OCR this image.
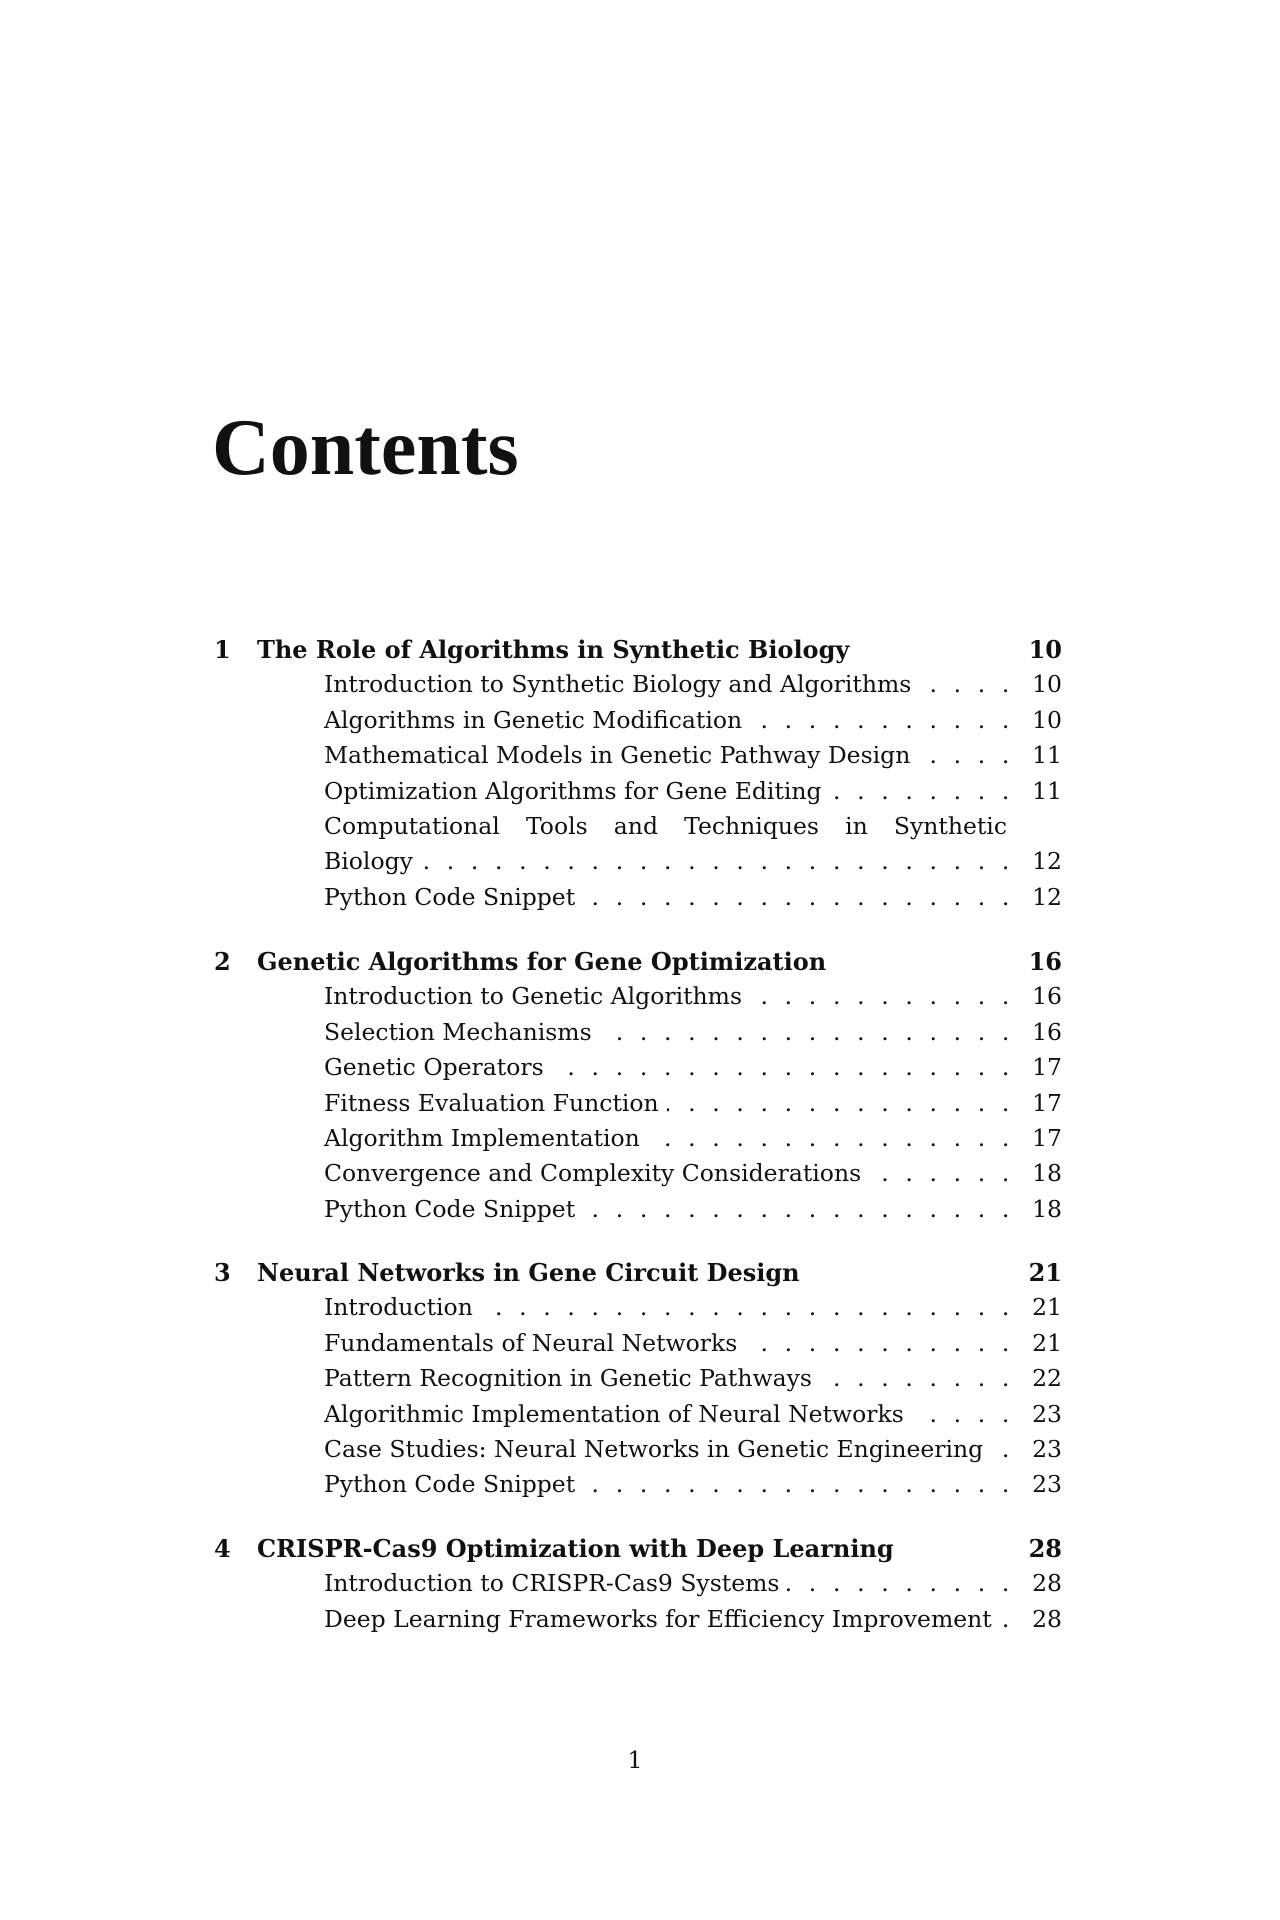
Contents
1 The Role of Algorithms in Synthetic Biology	10
. . . Introduction to Synthetic Biology and Algorithms	10
. . . Algorithms in Genetic Modification	10
. . . Mathematical Models in Genetic Pathway Design	11
. . . Optimization Algorithms for Gene Editing	11
. . . Computational Tools and Techniques in Synthetic Biology	12
. . . Python Code Snippet	12
2 Genetic Algorithms for Gene Optimization	16
. . . Introduction to Genetic Algorithms	16
. . . Selection Mechanisms	16
. . . Genetic Operators	17
. . . Fitness Evaluation Function	17
. . . Algorithm Implementation	17
. . . Convergence and Complexity Considerations	18
. . . Python Code Snippet	18
3 Neural Networks in Gene Circuit Design	21
. . . Introduction	21
. . . Fundamentals of Neural Networks	21
. . . Pattern Recognition in Genetic Pathways	22
. . . Algorithmic Implementation of Neural Networks	23
. . . Case Studies: Neural Networks in Genetic Engineering 23
. . . Python Code Snippet	23
4 CRISPR-Cas9 Optimization with Deep Learning	28
. . . Introduction to CRISPR-Cas9 Systems	28
. . . Deep Learning Frameworks for Efficiency Improvement 28
1
